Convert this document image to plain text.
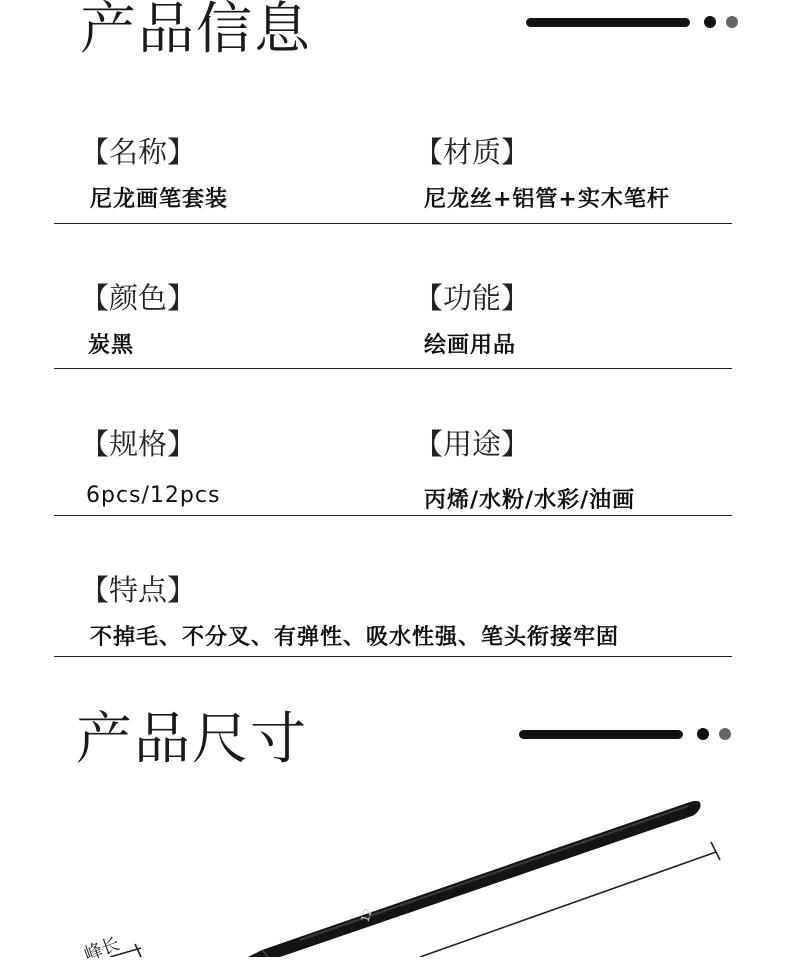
产品信息
【名称】
尼龙画笔套装
【材质】
尼龙丝+铝管+实木笔杆
【颜色】
炭黑
【功能】
绘画用品
【规格】
6pcs/12pcs
【用途】
丙烯/水粉/水彩/油画
【特点】
不掉毛、不分叉、有弹性、吸水性强、笔头衔接牢固
产品尺寸
12
峰长
